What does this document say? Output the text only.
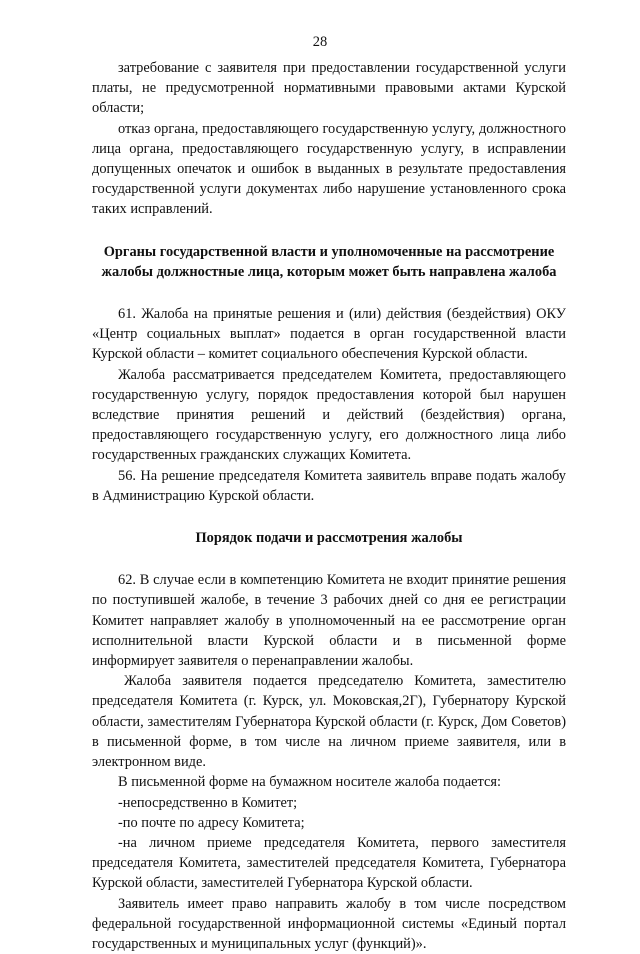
28

затребование с заявителя при предоставлении государственной услуги платы, не предусмотренной нормативными правовыми актами Курской области;

отказ органа, предоставляющего государственную услугу, должностного лица органа, предоставляющего государственную услугу, в исправлении допущенных опечаток и ошибок в выданных в результате предоставления государственной услуги документах либо нарушение установленного срока таких исправлений.

Органы государственной власти и уполномоченные на рассмотрение жалобы должностные лица, которым может быть направлена жалоба

61. Жалоба на принятые решения и (или) действия (бездействия) ОКУ «Центр социальных выплат» подается в орган государственной власти Курской области – комитет социального обеспечения Курской области.

Жалоба рассматривается председателем Комитета, предоставляющего государственную услугу, порядок предоставления которой был нарушен вследствие принятия решений и действий (бездействия) органа, предоставляющего государственную услугу, его должностного лица либо государственных гражданских служащих Комитета.

56. На решение председателя Комитета заявитель вправе подать жалобу в Администрацию Курской области.

Порядок подачи и рассмотрения жалобы

62. В случае если в компетенцию Комитета не входит принятие решения по поступившей жалобе, в течение 3 рабочих дней со дня ее регистрации Комитет направляет жалобу в уполномоченный на ее рассмотрение орган исполнительной власти Курской области и в письменной форме информирует заявителя о перенаправлении жалобы.

Жалоба заявителя подается председателю Комитета, заместителю председателя Комитета (г. Курск, ул. Моковская,2Г), Губернатору Курской области, заместителям Губернатора Курской области (г. Курск, Дом Советов) в письменной форме, в том числе на личном приеме заявителя, или в электронном виде.

В письменной форме на бумажном носителе жалоба подается:

-непосредственно в Комитет;

-по почте по адресу Комитета;

-на личном приеме председателя Комитета, первого заместителя председателя Комитета, заместителей председателя Комитета, Губернатора Курской области, заместителей Губернатора Курской области.

Заявитель имеет право направить жалобу в том числе посредством федеральной государственной информационной системы «Единый портал государственных и муниципальных услуг (функций)».
